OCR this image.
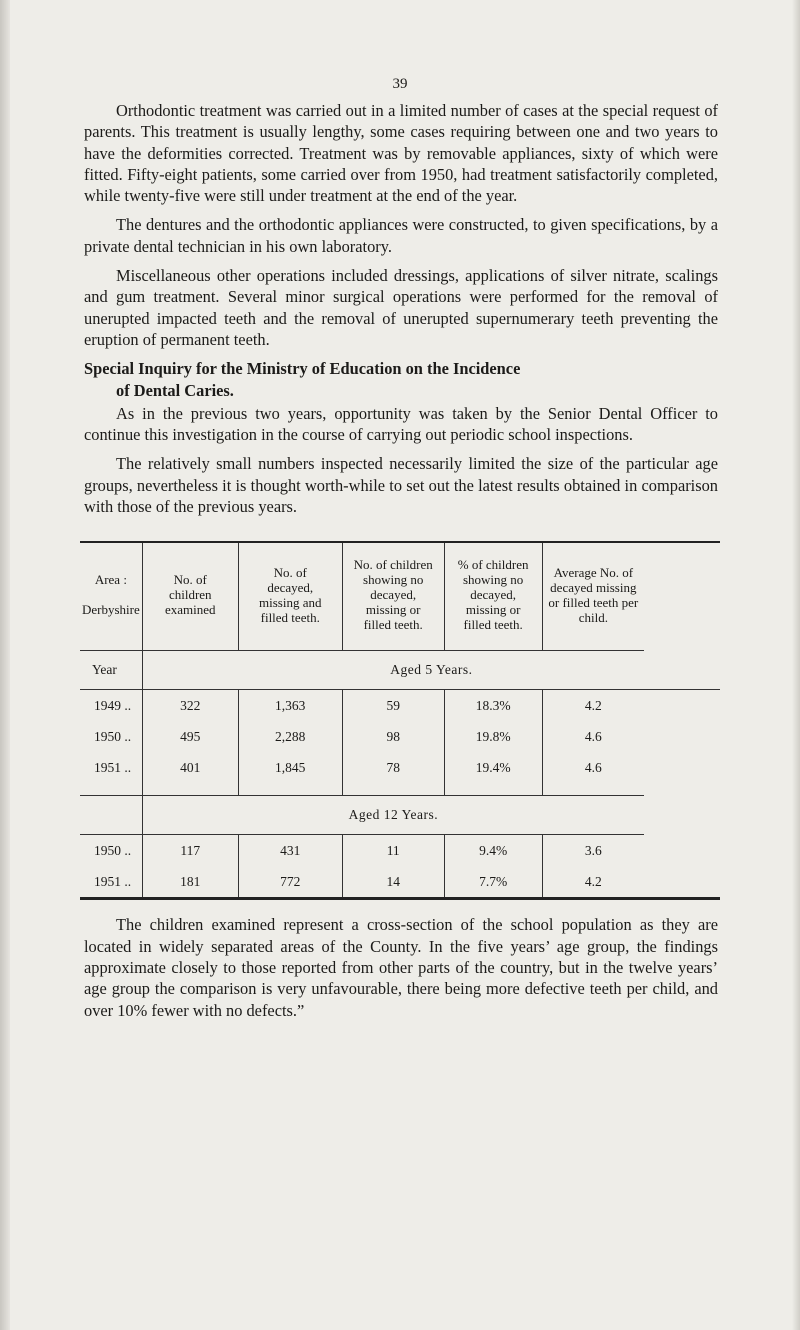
39

Orthodontic treatment was carried out in a limited number of cases at the special request of parents. This treatment is usually lengthy, some cases requiring between one and two years to have the deformities corrected. Treatment was by removable appliances, sixty of which were fitted. Fifty-eight patients, some carried over from 1950, had treatment satisfactorily completed, while twenty-five were still under treatment at the end of the year.

The dentures and the orthodontic appliances were constructed, to given specifications, by a private dental technician in his own laboratory.

Miscellaneous other operations included dressings, applications of silver nitrate, scalings and gum treatment. Several minor surgical operations were performed for the removal of unerupted impacted teeth and the removal of unerupted supernumerary teeth preventing the eruption of permanent teeth.

Special Inquiry for the Ministry of Education on the Incidence
of Dental Caries.

As in the previous two years, opportunity was taken by the Senior Dental Officer to continue this investigation in the course of carrying out periodic school inspections.

The relatively small numbers inspected necessarily limited the size of the particular age groups, nevertheless it is thought worth-while to set out the latest results obtained in comparison with those of the previous years.

Area :
Derbyshire	No. of children examined	No. of decayed, missing and filled teeth.	No. of children showing no decayed, missing or filled teeth.	% of children showing no decayed, missing or filled teeth.	Average No. of decayed missing or filled teeth per child.
Year	Aged 5 Years.				
1949 ..	322	1,363	59	18.3%	4.2
1950 ..	495	2,288	98	19.8%	4.6
1951 ..	401	1,845	78	19.4%	4.6

	Aged 12 Years.				
1950 ..	117	431	11	9.4%	3.6
1951 ..	181	772	14	7.7%	4.2

The children examined represent a cross-section of the school population as they are located in widely separated areas of the County. In the five years’ age group, the findings approximate closely to those reported from other parts of the country, but in the twelve years’ age group the comparison is very unfavourable, there being more defective teeth per child, and over 10% fewer with no defects.”
